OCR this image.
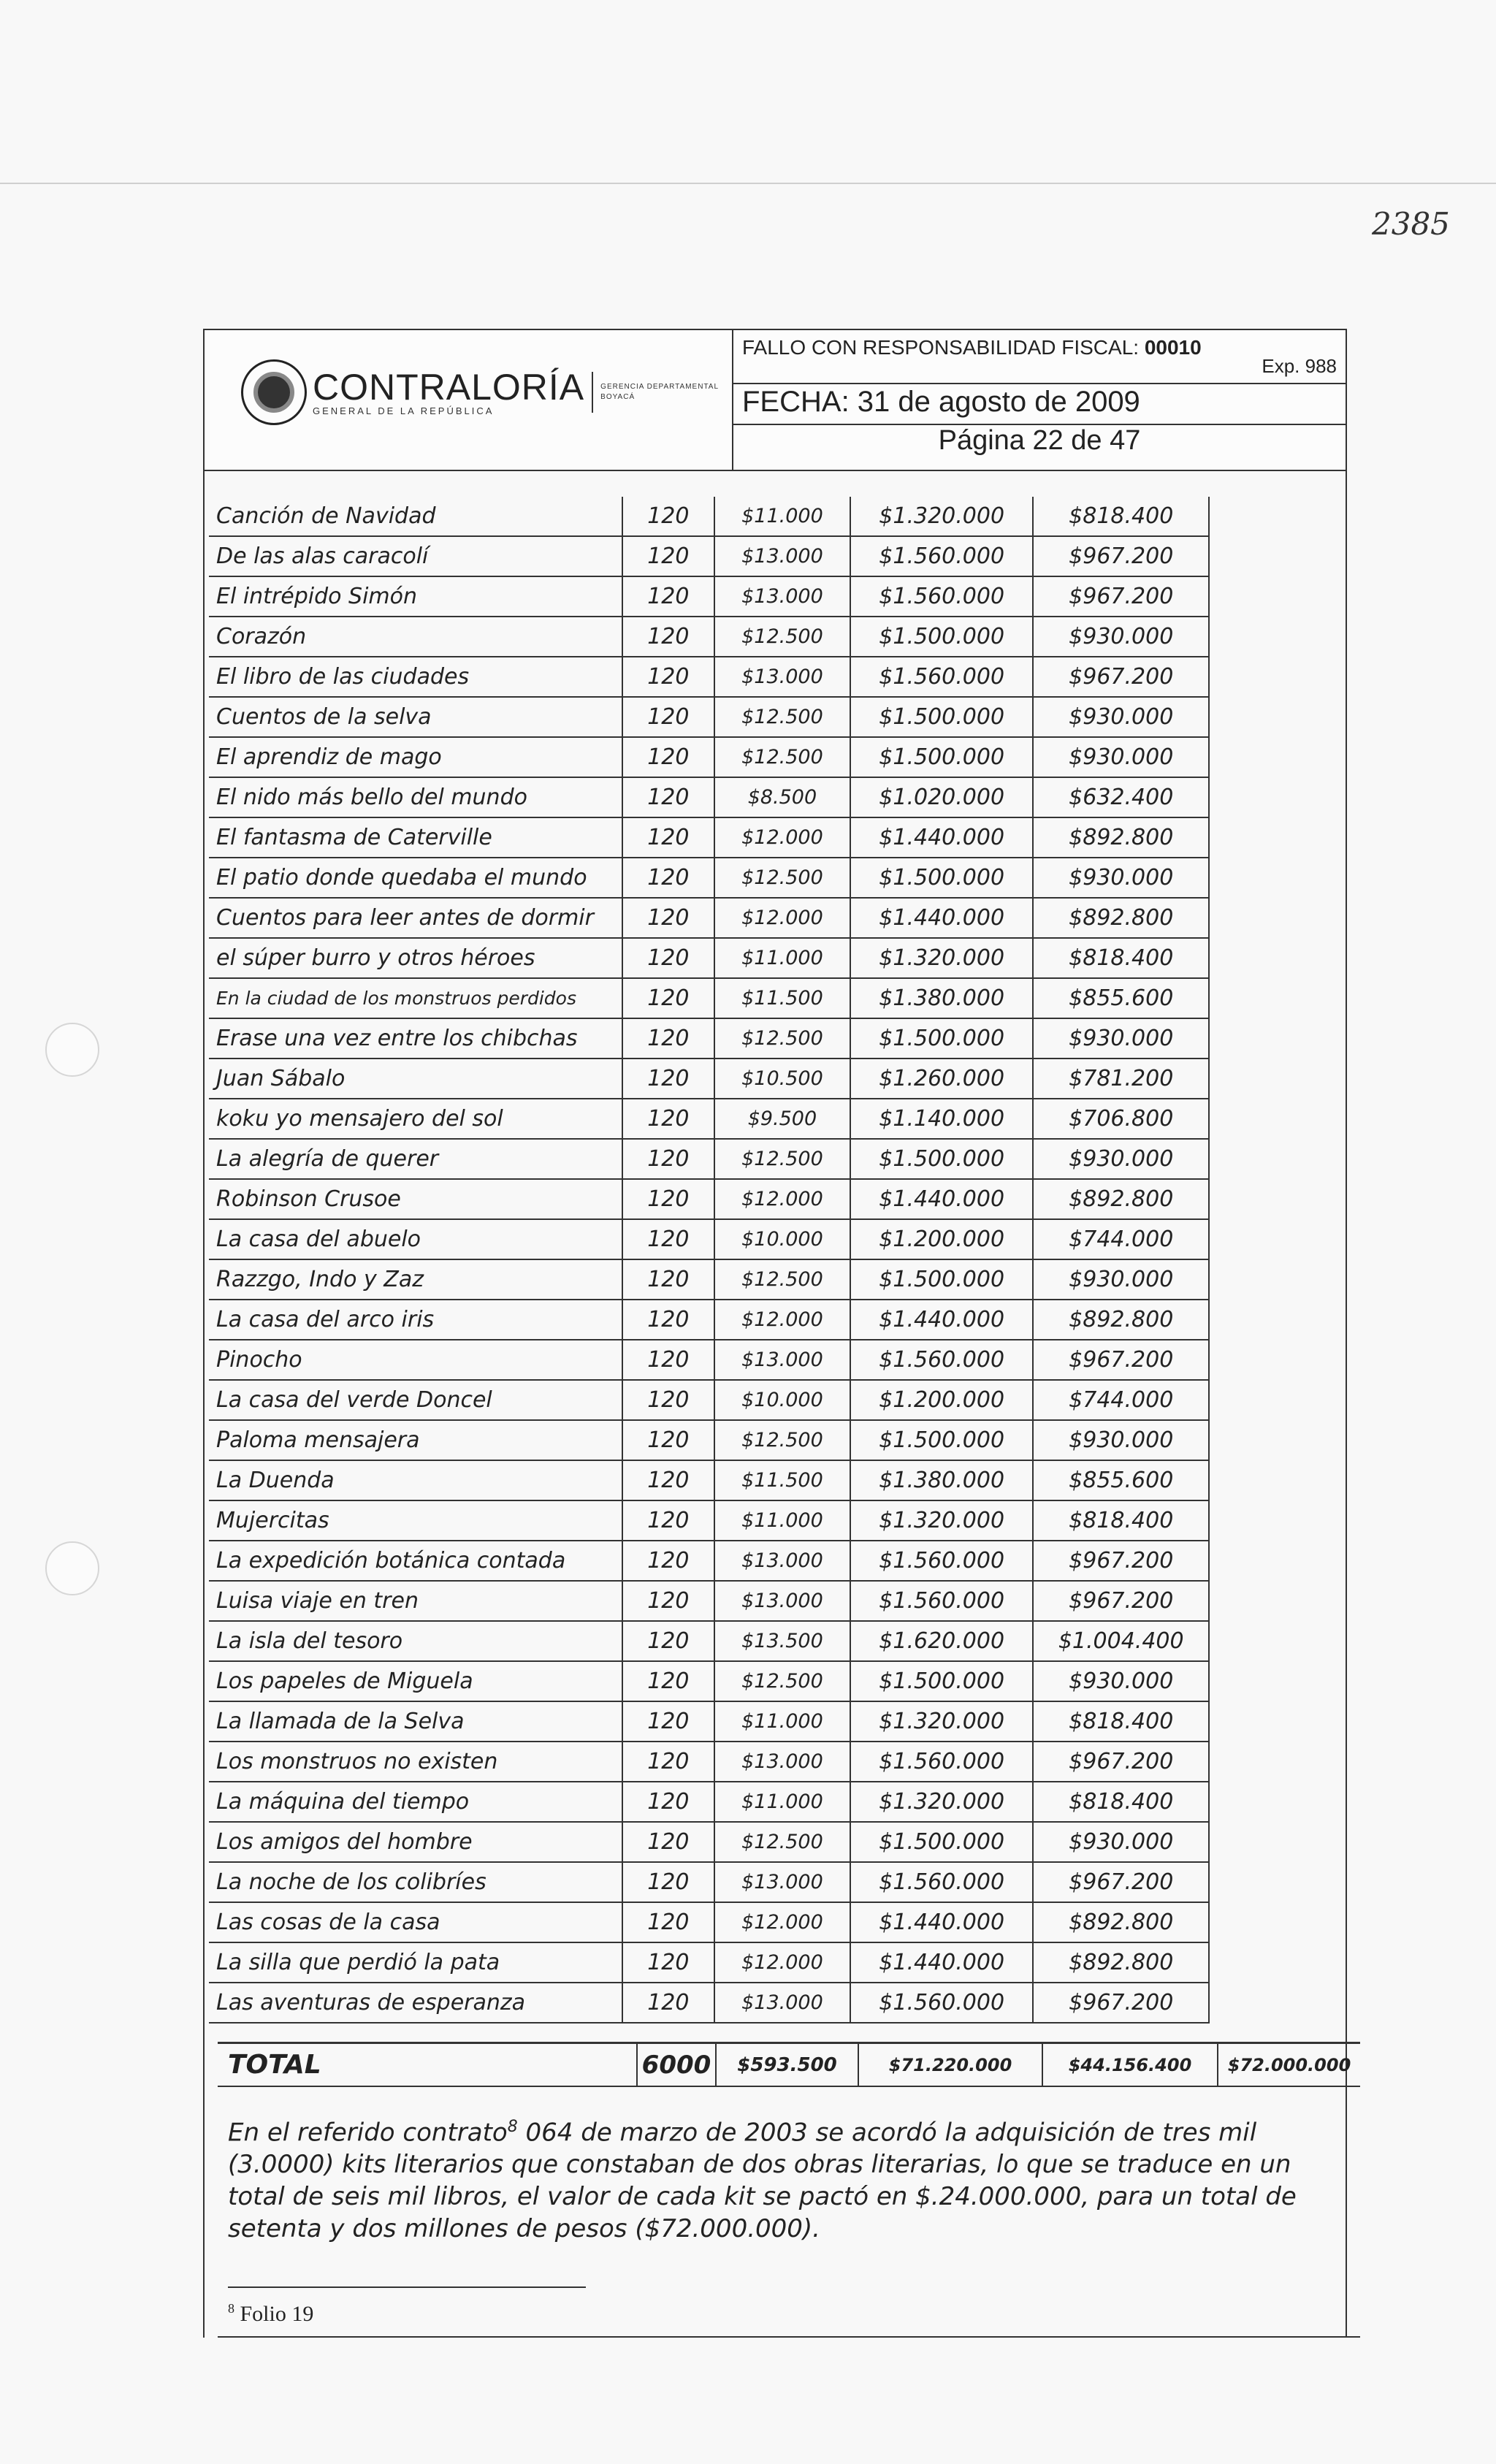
2385
CONTRALORÍA
GENERAL DE LA REPÚBLICA
GERENCIA DEPARTAMENTAL
BOYACÁ
FALLO CON RESPONSABILIDAD FISCAL: 00010
Exp. 988
FECHA: 31 de agosto de 2009
Página 22 de 47
Canción de Navidad	120	$11.000	$1.320.000	$818.400
De las alas caracolí	120	$13.000	$1.560.000	$967.200
El intrépido Simón	120	$13.000	$1.560.000	$967.200
Corazón	120	$12.500	$1.500.000	$930.000
El libro de las ciudades	120	$13.000	$1.560.000	$967.200
Cuentos de la selva	120	$12.500	$1.500.000	$930.000
El aprendiz de mago	120	$12.500	$1.500.000	$930.000
El nido más bello del mundo	120	$8.500	$1.020.000	$632.400
El fantasma de Caterville	120	$12.000	$1.440.000	$892.800
El patio donde quedaba el mundo	120	$12.500	$1.500.000	$930.000
Cuentos para leer antes de dormir	120	$12.000	$1.440.000	$892.800
el súper burro y otros héroes	120	$11.000	$1.320.000	$818.400
En la ciudad de los monstruos perdidos	120	$11.500	$1.380.000	$855.600
Erase una vez entre los chibchas	120	$12.500	$1.500.000	$930.000
Juan Sábalo	120	$10.500	$1.260.000	$781.200
koku yo mensajero del sol	120	$9.500	$1.140.000	$706.800
La alegría de querer	120	$12.500	$1.500.000	$930.000
Robinson Crusoe	120	$12.000	$1.440.000	$892.800
La casa del abuelo	120	$10.000	$1.200.000	$744.000
Razzgo, Indo y Zaz	120	$12.500	$1.500.000	$930.000
La casa del arco iris	120	$12.000	$1.440.000	$892.800
Pinocho	120	$13.000	$1.560.000	$967.200
La casa del verde Doncel	120	$10.000	$1.200.000	$744.000
Paloma mensajera	120	$12.500	$1.500.000	$930.000
La Duenda	120	$11.500	$1.380.000	$855.600
Mujercitas	120	$11.000	$1.320.000	$818.400
La expedición botánica contada	120	$13.000	$1.560.000	$967.200
Luisa viaje en tren	120	$13.000	$1.560.000	$967.200
La isla del tesoro	120	$13.500	$1.620.000	$1.004.400
Los papeles de Miguela	120	$12.500	$1.500.000	$930.000
La llamada de la Selva	120	$11.000	$1.320.000	$818.400
Los monstruos no existen	120	$13.000	$1.560.000	$967.200
La máquina del tiempo	120	$11.000	$1.320.000	$818.400
Los amigos del hombre	120	$12.500	$1.500.000	$930.000
La noche de los colibríes	120	$13.000	$1.560.000	$967.200
Las cosas de la casa	120	$12.000	$1.440.000	$892.800
La silla que perdió la pata	120	$12.000	$1.440.000	$892.800
Las aventuras de esperanza	120	$13.000	$1.560.000	$967.200
TOTAL	6000	$593.500	$71.220.000	$44.156.400	$72.000.000
En el referido contrato$^8$ 064 de marzo de 2003 se acordó la adquisición de tres mil (3.0000) kits literarios que constaban de dos obras literarias, lo que se traduce en un total de seis mil libros, el valor de cada kit se pactó en $.24.000.000, para un total de setenta y dos millones de pesos ($72.000.000).
$^8$ Folio 19
